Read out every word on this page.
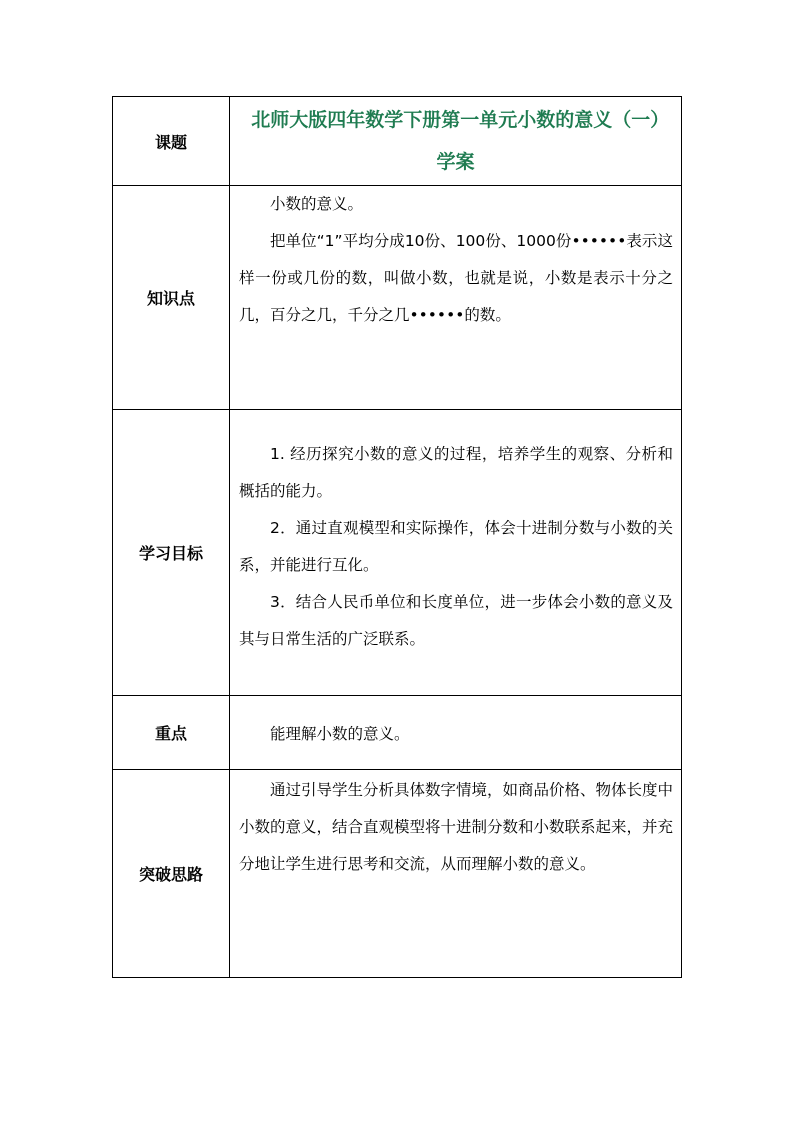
课题	北师大版四年数学下册第一单元小数的意义（一）学案
知识点	小数的意义。

把单位“1”平均分成10份、100份、1000份••••••表示这样一份或几份的数，叫做小数，也就是说，小数是表示十分之几，百分之几，千分之几••••••的数。

学习目标	1. 经历探究小数的意义的过程，培养学生的观察、分析和概括的能力。

2．通过直观模型和实际操作，体会十进制分数与小数的关系，并能进行互化。

3．结合人民币单位和长度单位，进一步体会小数的意义及其与日常生活的广泛联系。

重点	能理解小数的意义。

突破思路	通过引导学生分析具体数字情境，如商品价格、物体长度中小数的意义，结合直观模型将十进制分数和小数联系起来，并充分地让学生进行思考和交流，从而理解小数的意义。
